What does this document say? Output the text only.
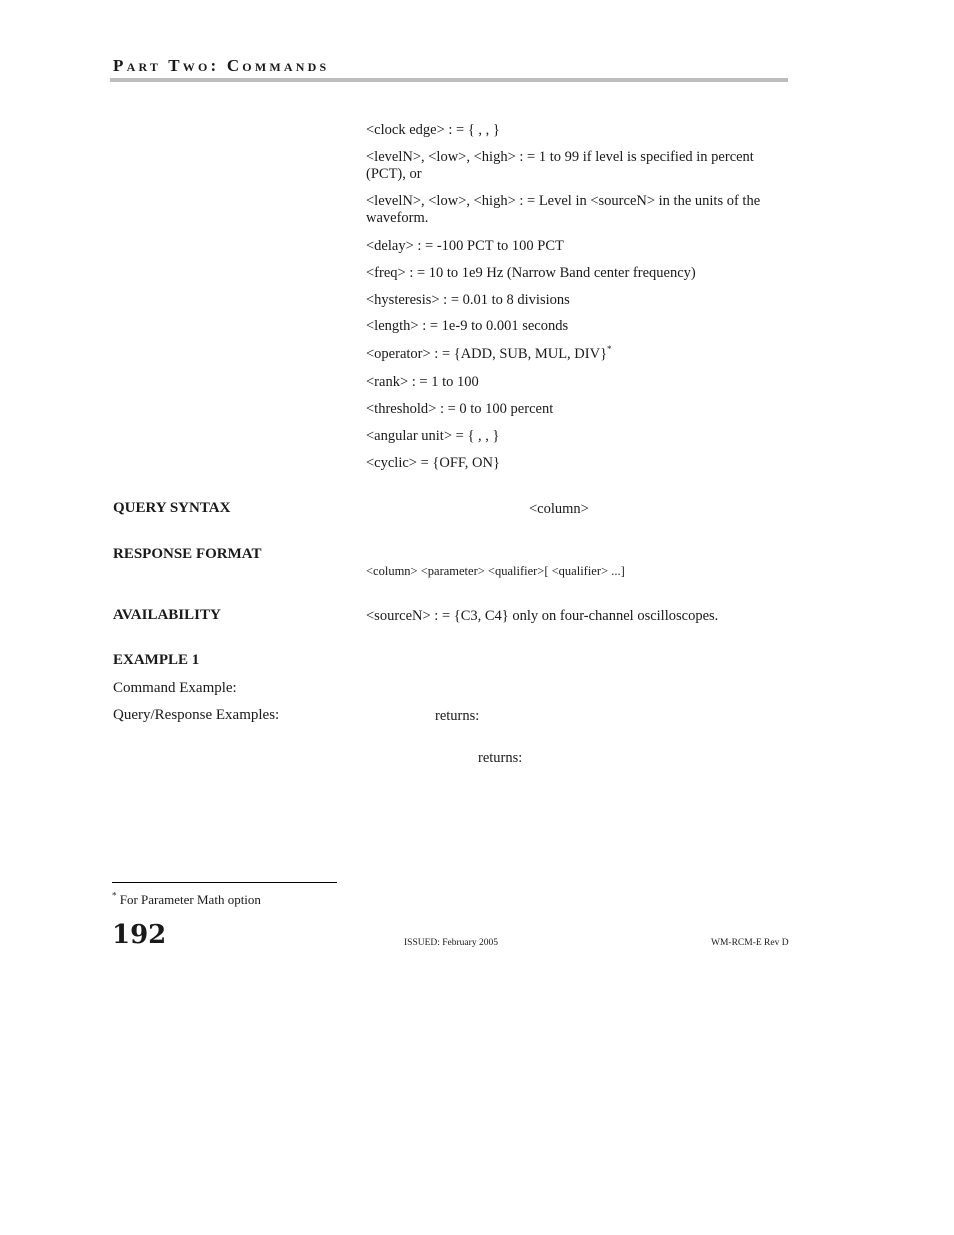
Part Two: Commands
<clock edge> : = { , , }
<levelN>, <low>, <high> : = 1 to 99 if level is specified in percent (PCT), or
<levelN>, <low>, <high> : = Level in <sourceN> in the units of the waveform.
<delay> : = -100 PCT to 100 PCT
<freq> : = 10 to 1e9 Hz (Narrow Band center frequency)
<hysteresis> : = 0.01 to 8 divisions
<length> : = 1e-9 to 0.001 seconds
<operator> : = {ADD, SUB, MUL, DIV}*
<rank> : = 1 to 100
<threshold> : = 0 to 100 percent
<angular unit> = { , , }
<cyclic> = {OFF, ON}
QUERY SYNTAX	<column>
RESPONSE FORMAT
<column> <parameter> <qualifier>[ <qualifier> ...]
AVAILABILITY	<sourceN> : = {C3, C4} only on four-channel oscilloscopes.
EXAMPLE 1
Command Example:
Query/Response Examples:	returns:
returns:
* For Parameter Math option
192	ISSUED: February 2005	WM-RCM-E Rev D
